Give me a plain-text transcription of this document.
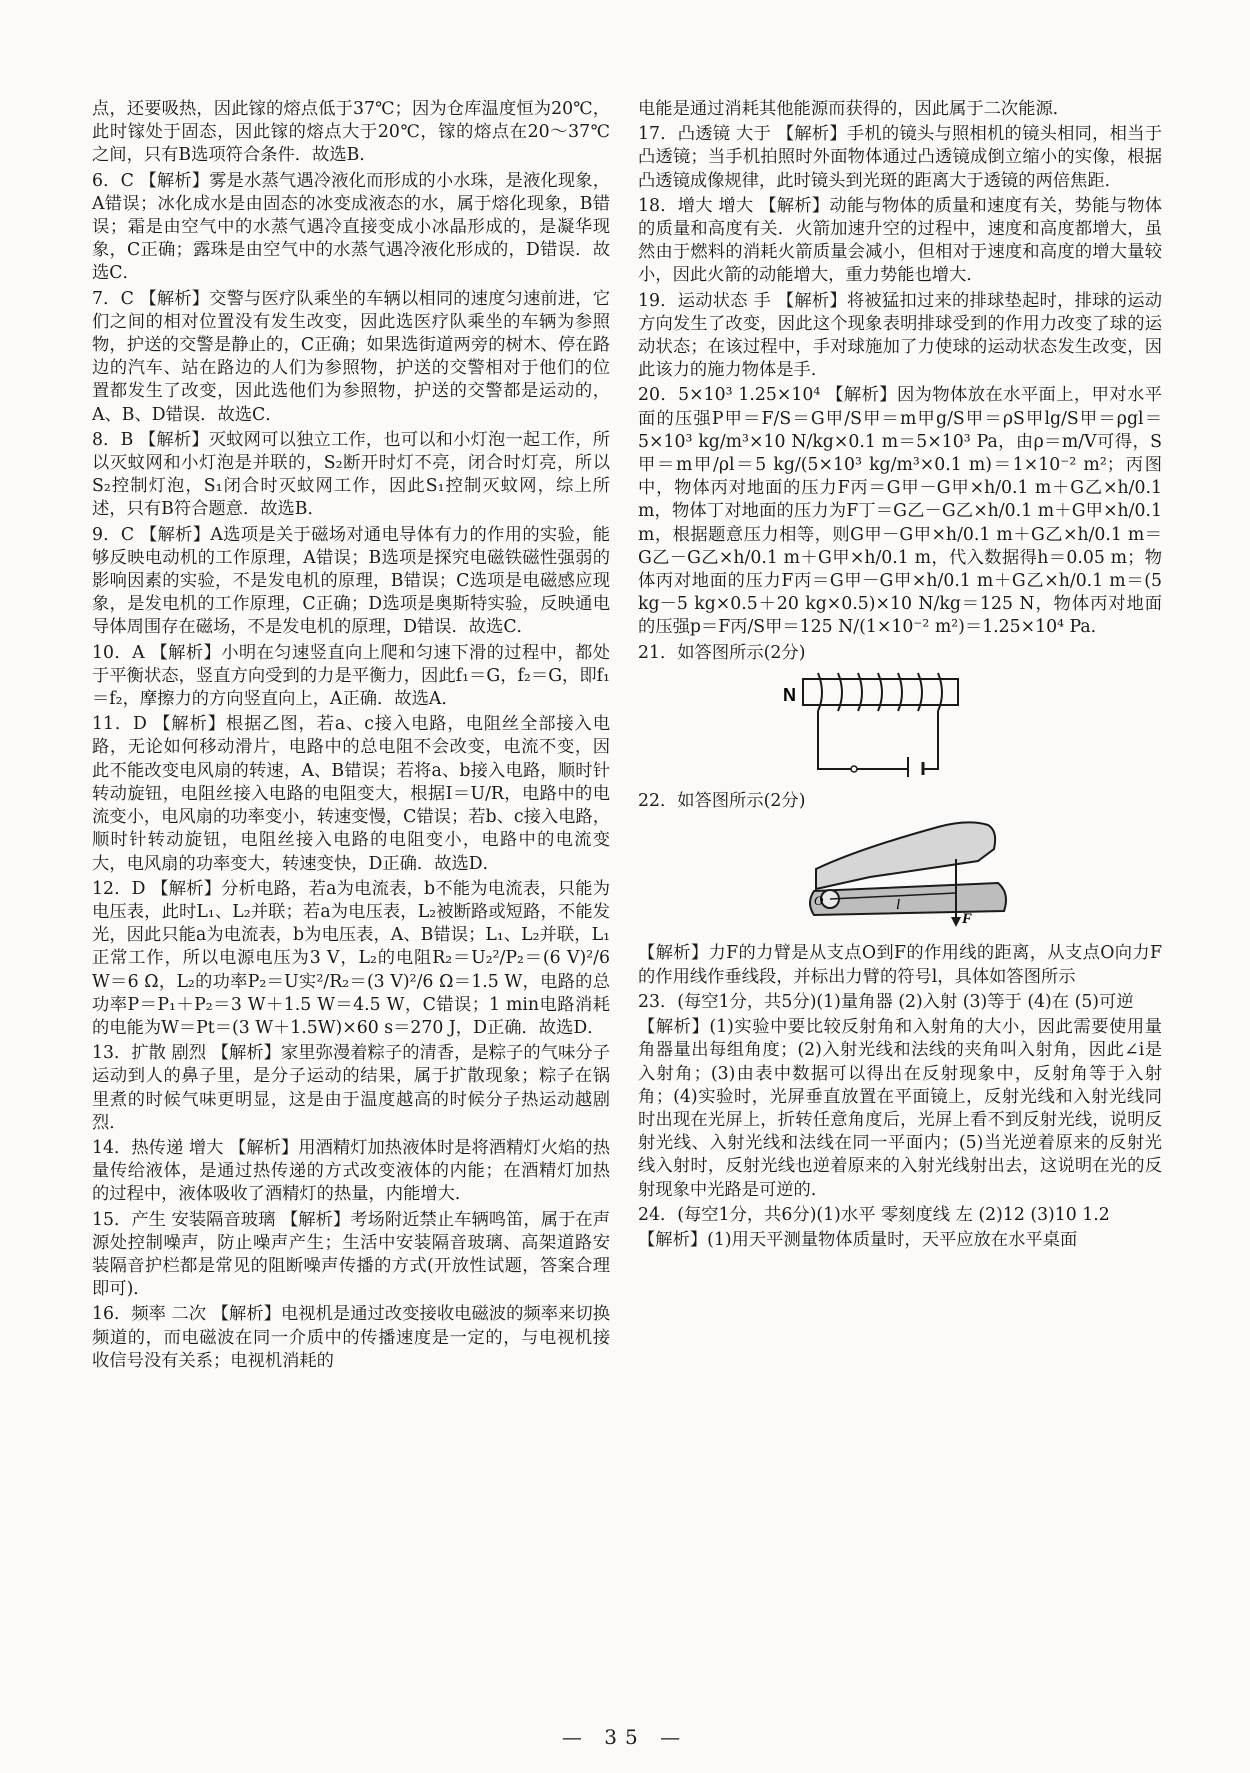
点，还要吸热，因此镓的熔点低于37℃；因为仓库温度恒为20℃，此时镓处于固态，因此镓的熔点大于20℃，镓的熔点在20～37℃之间，只有B选项符合条件．故选B．

6．C 【解析】雾是水蒸气遇冷液化而形成的小水珠，是液化现象，A错误；冰化成水是由固态的冰变成液态的水，属于熔化现象，B错误；霜是由空气中的水蒸气遇冷直接变成小冰晶形成的，是凝华现象，C正确；露珠是由空气中的水蒸气遇冷液化形成的，D错误．故选C．

7．C 【解析】交警与医疗队乘坐的车辆以相同的速度匀速前进，它们之间的相对位置没有发生改变，因此选医疗队乘坐的车辆为参照物，护送的交警是静止的，C正确；如果选街道两旁的树木、停在路边的汽车、站在路边的人们为参照物，护送的交警相对于他们的位置都发生了改变，因此选他们为参照物，护送的交警都是运动的，A、B、D错误．故选C．

8．B 【解析】灭蚊网可以独立工作，也可以和小灯泡一起工作，所以灭蚊网和小灯泡是并联的，S₂断开时灯不亮，闭合时灯亮，所以S₂控制灯泡，S₁闭合时灭蚊网工作，因此S₁控制灭蚊网，综上所述，只有B符合题意．故选B．

9．C 【解析】A选项是关于磁场对通电导体有力的作用的实验，能够反映电动机的工作原理，A错误；B选项是探究电磁铁磁性强弱的影响因素的实验，不是发电机的原理，B错误；C选项是电磁感应现象，是发电机的工作原理，C正确；D选项是奥斯特实验，反映通电导体周围存在磁场，不是发电机的原理，D错误．故选C．

10．A 【解析】小明在匀速竖直向上爬和匀速下滑的过程中，都处于平衡状态，竖直方向受到的力是平衡力，因此f₁＝G，f₂＝G，即f₁＝f₂，摩擦力的方向竖直向上，A正确．故选A．

11．D 【解析】根据乙图，若a、c接入电路，电阻丝全部接入电路，无论如何移动滑片，电路中的总电阻不会改变，电流不变，因此不能改变电风扇的转速，A、B错误；若将a、b接入电路，顺时针转动旋钮，电阻丝接入电路的电阻变大，根据I＝U/R，电路中的电流变小，电风扇的功率变小，转速变慢，C错误；若b、c接入电路，顺时针转动旋钮，电阻丝接入电路的电阻变小，电路中的电流变大，电风扇的功率变大，转速变快，D正确．故选D．

12．D 【解析】分析电路，若a为电流表，b不能为电流表，只能为电压表，此时L₁、L₂并联；若a为电压表，L₂被断路或短路，不能发光，因此只能a为电流表，b为电压表，A、B错误；L₁、L₂并联，L₁正常工作，所以电源电压为3 V，L₂的电阻R₂＝U₂²/P₂＝(6 V)²/6 W＝6 Ω，L₂的功率P₂＝U实²/R₂＝(3 V)²/6 Ω＝1.5 W，电路的总功率P＝P₁＋P₂＝3 W＋1.5 W＝4.5 W，C错误；1 min电路消耗的电能为W＝Pt＝(3 W＋1.5W)×60 s＝270 J，D正确．故选D．

13．扩散 剧烈 【解析】家里弥漫着粽子的清香，是粽子的气味分子运动到人的鼻子里，是分子运动的结果，属于扩散现象；粽子在锅里煮的时候气味更明显，这是由于温度越高的时候分子热运动越剧烈．

14．热传递 增大 【解析】用酒精灯加热液体时是将酒精灯火焰的热量传给液体，是通过热传递的方式改变液体的内能；在酒精灯加热的过程中，液体吸收了酒精灯的热量，内能增大．

15．产生 安装隔音玻璃 【解析】考场附近禁止车辆鸣笛，属于在声源处控制噪声，防止噪声产生；生活中安装隔音玻璃、高架道路安装隔音护栏都是常见的阻断噪声传播的方式(开放性试题，答案合理即可)．

16．频率 二次 【解析】电视机是通过改变接收电磁波的频率来切换频道的，而电磁波在同一介质中的传播速度是一定的，与电视机接收信号没有关系；电视机消耗的

电能是通过消耗其他能源而获得的，因此属于二次能源．

17．凸透镜 大于 【解析】手机的镜头与照相机的镜头相同，相当于凸透镜；当手机拍照时外面物体通过凸透镜成倒立缩小的实像，根据凸透镜成像规律，此时镜头到光斑的距离大于透镜的两倍焦距．

18．增大 增大 【解析】动能与物体的质量和速度有关，势能与物体的质量和高度有关．火箭加速升空的过程中，速度和高度都增大，虽然由于燃料的消耗火箭质量会减小，但相对于速度和高度的增大量较小，因此火箭的动能增大，重力势能也增大．

19．运动状态 手 【解析】将被猛扣过来的排球垫起时，排球的运动方向发生了改变，因此这个现象表明排球受到的作用力改变了球的运动状态；在该过程中，手对球施加了力使球的运动状态发生改变，因此该力的施力物体是手．

20．5×10³ 1.25×10⁴ 【解析】因为物体放在水平面上，甲对水平面的压强P甲＝F/S＝G甲/S甲＝m甲g/S甲＝ρS甲lg/S甲＝ρgl＝5×10³ kg/m³×10 N/kg×0.1 m＝5×10³ Pa，由ρ＝m/V可得，S甲＝m甲/ρl＝5 kg/(5×10³ kg/m³×0.1 m)＝1×10⁻² m²；丙图中，物体丙对地面的压力F丙＝G甲－G甲×h/0.1 m＋G乙×h/0.1 m，物体丁对地面的压力为F丁＝G乙－G乙×h/0.1 m＋G甲×h/0.1 m，根据题意压力相等，则G甲－G甲×h/0.1 m＋G乙×h/0.1 m＝G乙－G乙×h/0.1 m＋G甲×h/0.1 m，代入数据得h＝0.05 m；物体丙对地面的压力F丙＝G甲－G甲×h/0.1 m＋G乙×h/0.1 m＝(5 kg－5 kg×0.5＋20 kg×0.5)×10 N/kg＝125 N，物体丙对地面的压强p＝F丙/S甲＝125 N/(1×10⁻² m²)＝1.25×10⁴ Pa．

21．如答图所示(2分)

N

22．如答图所示(2分)

O	l
F

【解析】力F的力臂是从支点O到F的作用线的距离，从支点O向力F的作用线作垂线段，并标出力臂的符号l，具体如答图所示

23．(每空1分，共5分)(1)量角器 (2)入射 (3)等于 (4)在 (5)可逆

【解析】(1)实验中要比较反射角和入射角的大小，因此需要使用量角器量出每组角度；(2)入射光线和法线的夹角叫入射角，因此∠i是入射角；(3)由表中数据可以得出在反射现象中，反射角等于入射角；(4)实验时，光屏垂直放置在平面镜上，反射光线和入射光线同时出现在光屏上，折转任意角度后，光屏上看不到反射光线，说明反射光线、入射光线和法线在同一平面内；(5)当光逆着原来的反射光线入射时，反射光线也逆着原来的入射光线射出去，这说明在光的反射现象中光路是可逆的．

24．(每空1分，共6分)(1)水平 零刻度线 左 (2)12 (3)10 1.2

【解析】(1)用天平测量物体质量时，天平应放在水平桌面

— 35 —
